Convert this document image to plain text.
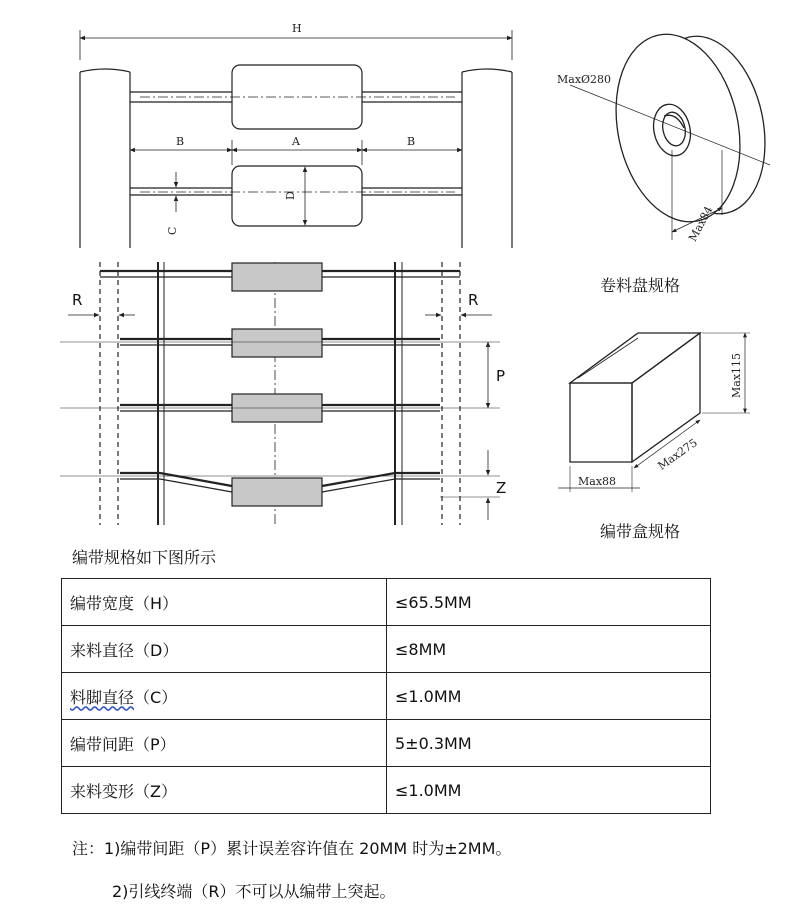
H
B	A	B
D
C
R	R
P
Z
MaxØ280
Max84
Max115
Max275
Max88
卷料盘规格
编带盒规格
编带规格如下图所示
编带宽度（H）	≤65.5MM
来料直径（D）	≤8MM
料脚直径（C）	≤1.0MM
编带间距（P）	5±0.3MM
来料变形（Z）	≤1.0MM
注：1)编带间距（P）累计误差容许值在 20MM 时为±2MM。
2)引线终端（R）不可以从编带上突起。
